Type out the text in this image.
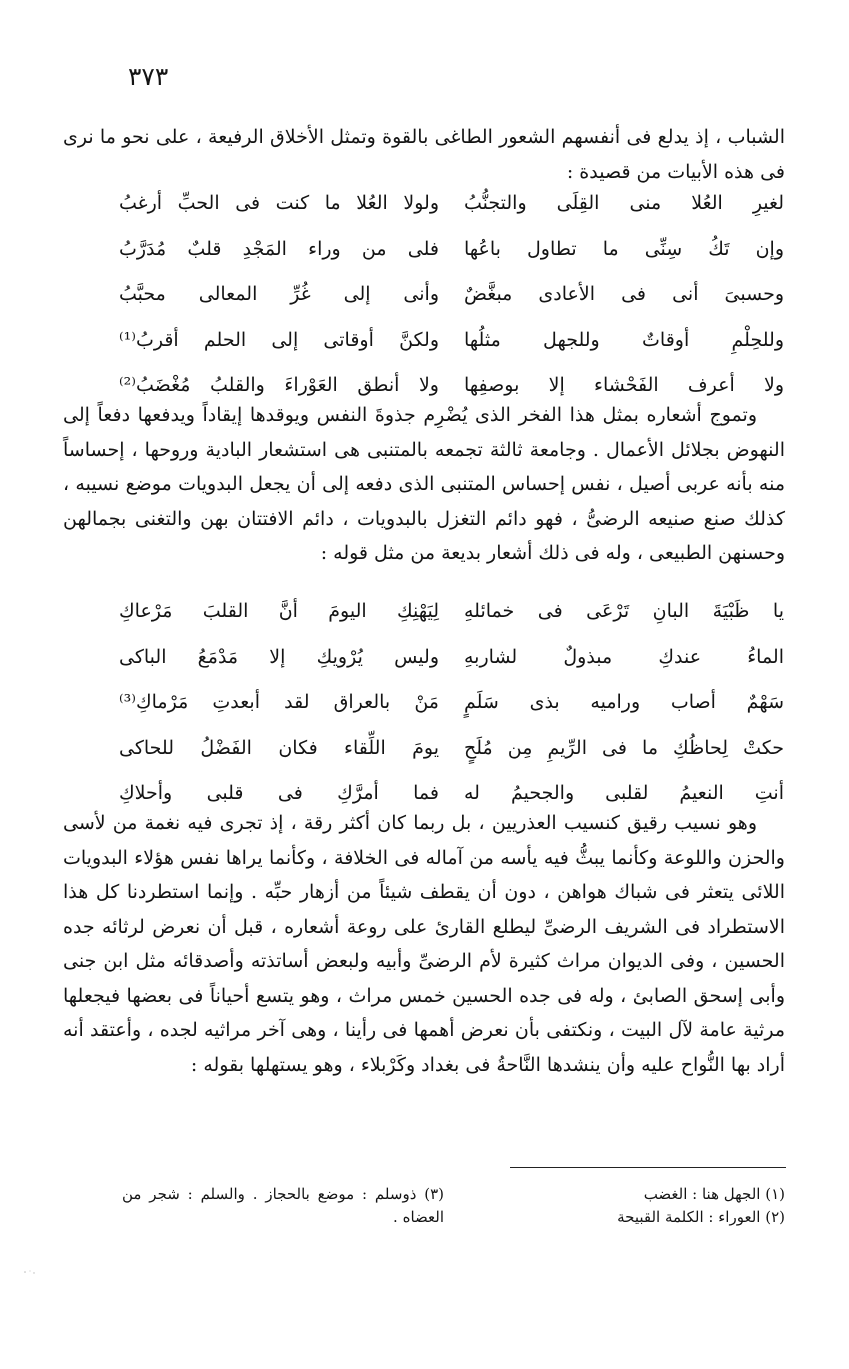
٣٧٣

الشباب ، إذ يدلع فى أنفسهم الشعور الطاغى بالقوة وتمثل الأخلاق الرفيعة ، على نحو ما نرى فى هذه الأبيات من قصيدة :

لغيرِ العُلا منى القِلَى والتجنُّبُ
ولولا العُلا ما كنت فى الحبِّ أرغبُ
وإن تَكُ سِنِّى ما تطاول باعُها
فلى من وراء المَجْدِ قلبٌ مُدَرَّبُ
وحسبىَ أنى فى الأعادى مبغَّضٌ
وأنى إلى غُرِّ المعالى محبَّبُ
وللحِلْمِ أوقاتٌ وللجهل مثلُها
ولكنَّ أوقاتى إلى الحلم أقربُ⁽¹⁾
ولا أعرف الفَحْشاء إلا بوصفِها
ولا أنطق العَوْراءَ والقلبُ مُغْضَبُ⁽²⁾

وتموج أشعاره بمثل هذا الفخر الذى يُضْرِم جذوةَ النفس ويوقدها إيقاداً ويدفعها دفعاً إلى النهوض بجلائل الأعمال . وجامعة ثالثة تجمعه بالمتنبى هى استشعار البادية وروحها ، إحساساً منه بأنه عربى أصيل ، نفس إحساس المتنبى الذى دفعه إلى أن يجعل البدويات موضع نسيبه ، كذلك صنع صنيعه الرضىُّ ، فهو دائم التغزل بالبدويات ، دائم الافتتان بهن والتغنى بجمالهن وحسنهن الطبيعى ، وله فى ذلك أشعار بديعة من مثل قوله :

يا ظَبْيَةَ البانِ تَرْعَى فى خمائلهِ
لِيَهْنِكِ اليومَ أنَّ القلبَ مَرْعاكِ
الماءُ عندكِ مبذولٌ لشاربهِ
وليس يُرْويكِ إلا مَدْمَعُ الباكى
سَهْمٌ أصاب وراميه بذى سَلَمٍ
مَنْ بالعراق لقد أبعدتِ مَرْماكِ⁽³⁾
حكتْ لِحاظُكِ ما فى الرِّيمِ مِن مُلَحٍ
يومَ اللِّقاء فكان الفَضْلُ للحاكى
أنتِ النعيمُ لقلبى والجحيمُ له
فما أمرَّكِ فى قلبى وأحلاكِ

وهو نسيب رقيق كنسيب العذريين ، بل ربما كان أكثر رقة ، إذ تجرى فيه نغمة من لأسى والحزن واللوعة وكأنما يبثُّ فيه يأسه من آماله فى الخلافة ، وكأنما يراها نفس هؤلاء البدويات اللائى يتعثر فى شباك هواهن ، دون أن يقطف شيئاً من أزهار حبِّه . وإنما استطردنا كل هذا الاستطراد فى الشريف الرضىِّ ليطلع القارئ على روعة أشعاره ، قبل أن نعرض لرثائه جده الحسين ، وفى الديوان مراث كثيرة لأم الرضىِّ وأبيه ولبعض أساتذته وأصدقائه مثل ابن جنى وأبى إسحق الصابئ ، وله فى جده الحسين خمس مراث ، وهو يتسع أحياناً فى بعضها فيجعلها مرثية عامة لآل البيت ، ونكتفى بأن نعرض أهمها فى رأينا ، وهى آخر مراثيه لجده ، وأعتقد أنه أراد بها النُّواح عليه وأن ينشدها النَّاحةُ فى بغداد وكَرْبلاء ، وهو يستهلها بقوله :

(١) الجهل هنا : الغضب
(٢) العوراء : الكلمة القبيحة
(٣) ذوسلم : موضع بالحجاز . والسلم : شجر من العضاه .
